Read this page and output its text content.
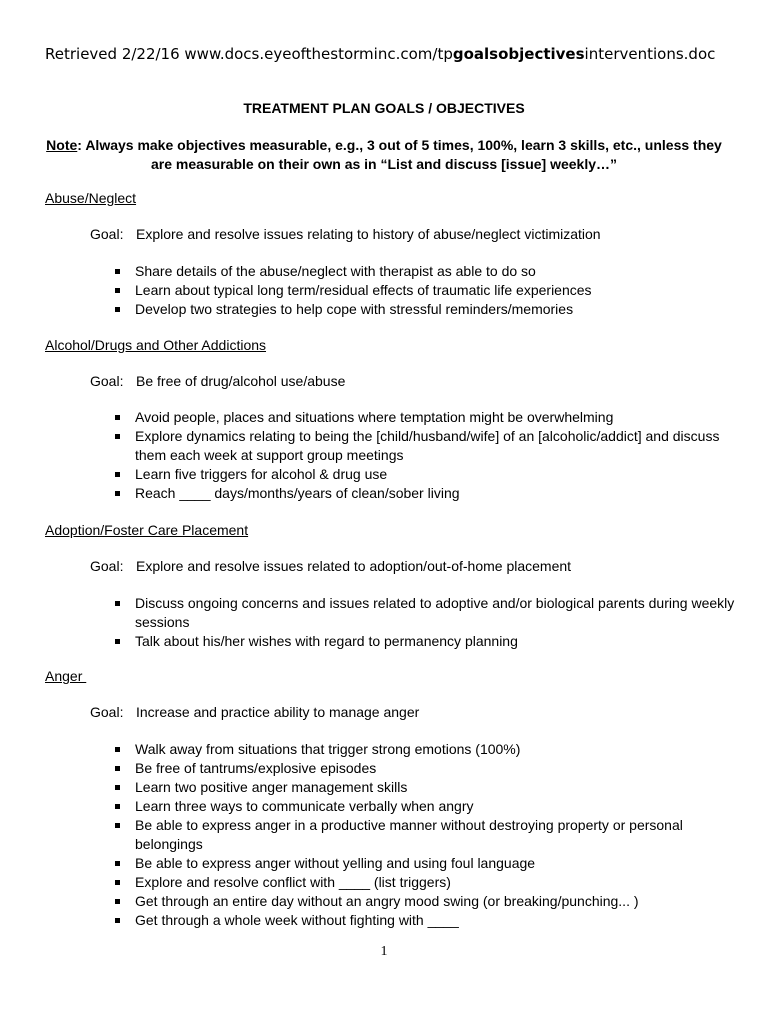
Retrieved 2/22/16 www.docs.eyeofthestorminc.com/tpgoalsobjectivesinterventions.doc
TREATMENT PLAN GOALS / OBJECTIVES
Note: Always make objectives measurable, e.g., 3 out of 5 times, 100%, learn 3 skills, etc., unless they are measurable on their own as in “List and discuss [issue] weekly…”
Abuse/Neglect
Goal: Explore and resolve issues relating to history of abuse/neglect victimization
Share details of the abuse/neglect with therapist as able to do so
Learn about typical long term/residual effects of traumatic life experiences
Develop two strategies to help cope with stressful reminders/memories
Alcohol/Drugs and Other Addictions
Goal: Be free of drug/alcohol use/abuse
Avoid people, places and situations where temptation might be overwhelming
Explore dynamics relating to being the [child/husband/wife] of an [alcoholic/addict] and discuss them each week at support group meetings
Learn five triggers for alcohol & drug use
Reach ____ days/months/years of clean/sober living
Adoption/Foster Care Placement
Goal: Explore and resolve issues related to adoption/out-of-home placement
Discuss ongoing concerns and issues related to adoptive and/or biological parents during weekly sessions
Talk about his/her wishes with regard to permanency planning
Anger
Goal: Increase and practice ability to manage anger
Walk away from situations that trigger strong emotions (100%)
Be free of tantrums/explosive episodes
Learn two positive anger management skills
Learn three ways to communicate verbally when angry
Be able to express anger in a productive manner without destroying property or personal belongings
Be able to express anger without yelling and using foul language
Explore and resolve conflict with ____ (list triggers)
Get through an entire day without an angry mood swing (or breaking/punching... )
Get through a whole week without fighting with ____
1
